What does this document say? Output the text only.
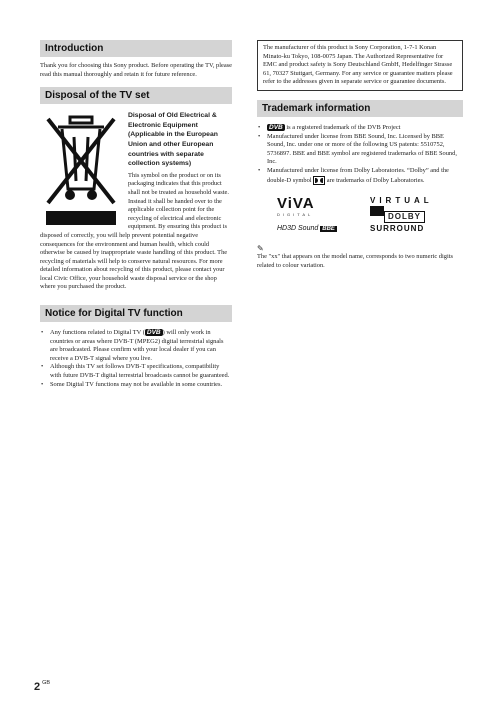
Introduction

Thank you for choosing this Sony product. Before operating the TV, please read this manual thoroughly and retain it for future reference.

Disposal of the TV set
Disposal of Old Electrical & Electronic Equipment (Applicable in the European Union and other European countries with separate collection systems)

This symbol on the product or on its packaging indicates that this product shall not be treated as household waste. Instead it shall be handed over to the applicable collection point for the recycling of electrical and electronic equipment. By ensuring this product is disposed of correctly, you will help prevent potential negative consequences for the environment and human health, which could otherwise be caused by inappropriate waste handling of this product. The recycling of materials will help to conserve natural resources. For more detailed information about recycling of this product, please contact your local Civic Office, your household waste disposal service or the shop where you purchased the product.

Notice for Digital TV function
• Any functions related to Digital TV ( DVB ) will only work in countries or areas where DVB-T (MPEG2) digital terrestrial signals are broadcasted. Please confirm with your local dealer if you can receive a DVB-T signal where you live.
• Although this TV set follows DVB-T specifications, compatibility with future DVB-T digital terrestrial broadcasts cannot be guaranteed.
• Some Digital TV functions may not be available in some countries.
The manufacturer of this product is Sony Corporation, 1-7-1 Konan Minato-ku Tokyo, 108-0075 Japan. The Authorized Representative for EMC and product safety is Sony Deutschland GmbH, Hedelfinger Strasse 61, 70327 Stuttgart, Germany. For any service or guarantee matters please refer to the addresses given in separate service or guarantee documents.
Trademark information
• DVB is a registered trademark of the DVB Project
• Manufactured under license from BBE Sound, Inc. Licensed by BBE Sound, Inc. under one or more of the following US patents: 5510752, 5736897. BBE and BBE symbol are registered trademarks of BBE Sound, Inc.
• Manufactured under license from Dolby Laboratories. “Dolby” and the double-D symbol  are trademarks of Dolby Laboratories.
ViVA
DIGITAL
HD3D Sound BBE
VIRTUAL
DOLBY
SURROUND
✎

The "xx" that appears on the model name, corresponds to two numeric digits related to colour variation.

2 $^{GB}$
